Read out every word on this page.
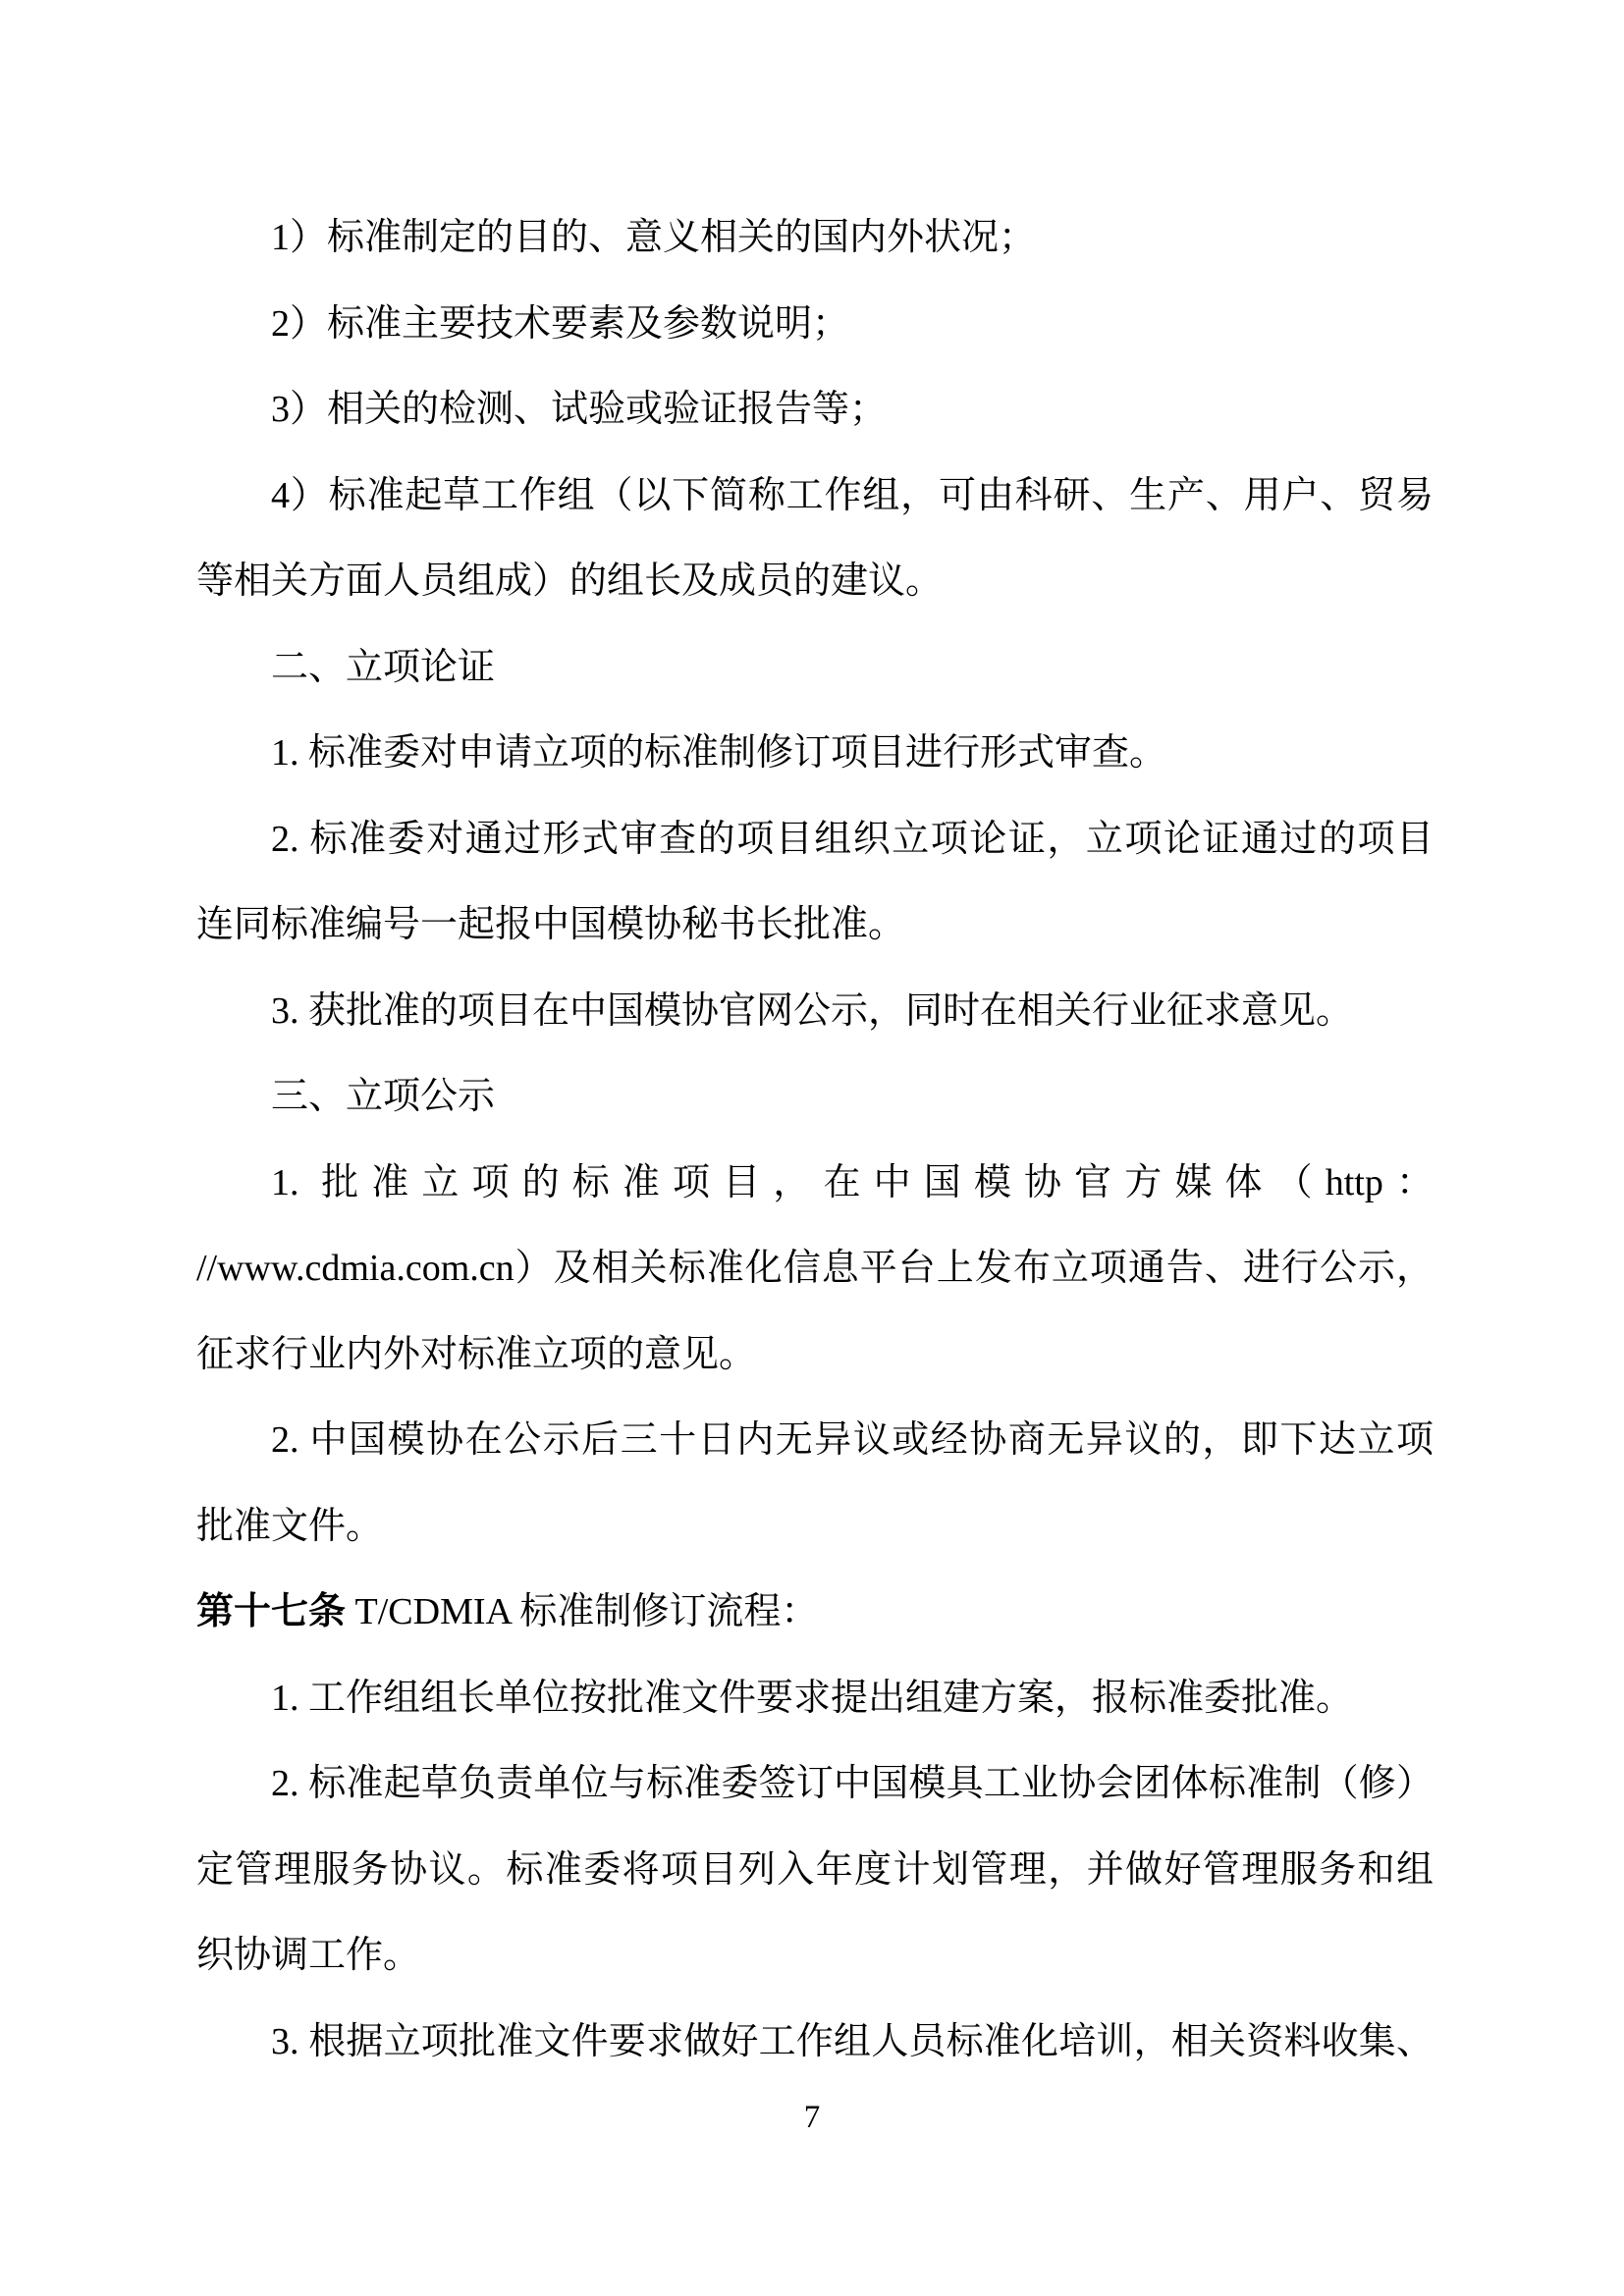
1）标准制定的目的、意义相关的国内外状况；
2）标准主要技术要素及参数说明；
3）相关的检测、试验或验证报告等；
4）标准起草工作组（以下简称工作组，可由科研、生产、用户、贸易
等相关方面人员组成）的组长及成员的建议。
二、立项论证
1. 标准委对申请立项的标准制修订项目进行形式审查。
2. 标准委对通过形式审查的项目组织立项论证，立项论证通过的项目
连同标准编号一起报中国模协秘书长批准。
3. 获批准的项目在中国模协官网公示，同时在相关行业征求意见。
三、立项公示
1. 批准立项的标准项目，在中国模协官方媒体（http：
//www.cdmia.com.cn）及相关标准化信息平台上发布立项通告、进行公示，
征求行业内外对标准立项的意见。
2. 中国模协在公示后三十日内无异议或经协商无异议的，即下达立项
批准文件。
第十七条 T/CDMIA 标准制修订流程：
1. 工作组组长单位按批准文件要求提出组建方案，报标准委批准。
2. 标准起草负责单位与标准委签订中国模具工业协会团体标准制（修）
定管理服务协议。标准委将项目列入年度计划管理，并做好管理服务和组
织协调工作。
3. 根据立项批准文件要求做好工作组人员标准化培训，相关资料收集、
7
